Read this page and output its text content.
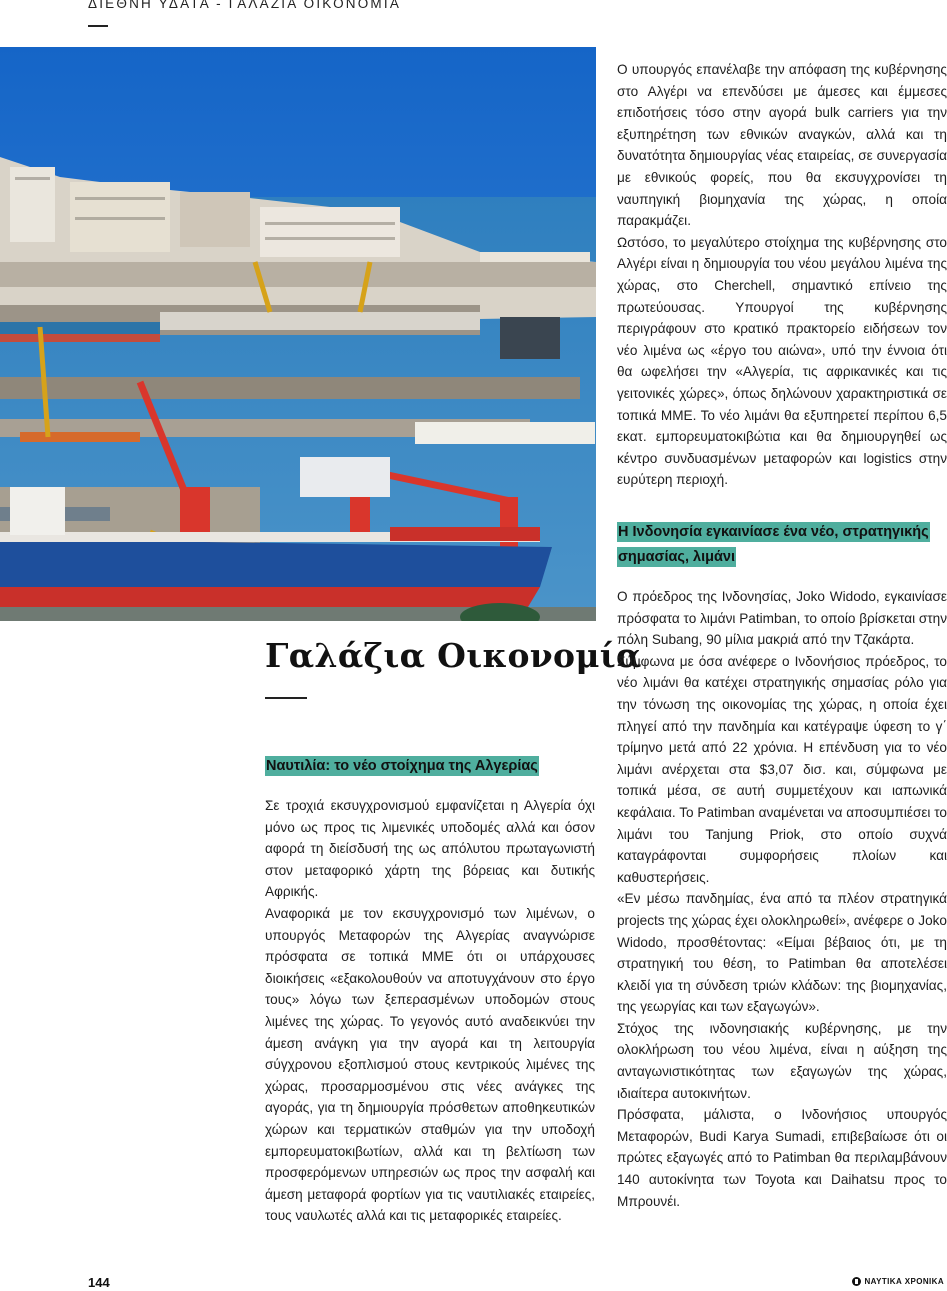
ΔΙΕΘΝΗ ΥΔΑΤΑ - ΓΑΛΑΖΙΑ ΟΙΚΟΝΟΜΙΑ
Γαλάζια Οικονομία
Ναυτιλία: το νέο στοίχημα της Αλγερίας

Σε τροχιά εκσυγχρονισμού εμφανίζεται η Αλγερία όχι μόνο ως προς τις λιμενικές υποδομές αλλά και όσον αφορά τη διείσδυσή της ως απόλυτου πρωταγωνιστή στον μεταφορικό χάρτη της βόρειας και δυτικής Αφρικής.

Αναφορικά με τον εκσυγχρονισμό των λιμένων, ο υπουργός Μεταφορών της Αλγερίας αναγνώρισε πρόσφατα σε τοπικά ΜΜΕ ότι οι υπάρχουσες διοικήσεις «εξακολουθούν να αποτυγχάνουν στο έργο τους» λόγω των ξεπερασμένων υποδομών στους λιμένες της χώρας. Το γεγονός αυτό αναδεικνύει την άμεση ανάγκη για την αγορά και τη λειτουργία σύγχρονου εξοπλισμού στους κεντρικούς λιμένες της χώρας, προσαρμοσμένου στις νέες ανάγκες της αγοράς, για τη δημιουργία πρόσθετων αποθηκευτικών χώρων και τερματικών σταθμών για την υποδοχή εμπορευματοκιβωτίων, αλλά και τη βελτίωση των προσφερόμενων υπηρεσιών ως προς την ασφαλή και άμεση μεταφορά φορτίων για τις ναυτιλιακές εταιρείες, τους ναυλωτές αλλά και τις μεταφορικές εταιρείες.

Ο υπουργός επανέλαβε την απόφαση της κυβέρνησης στο Αλγέρι να επενδύσει με άμεσες και έμμεσες επιδοτήσεις τόσο στην αγορά bulk carriers για την εξυπηρέτηση των εθνικών αναγκών, αλλά και τη δυνατότητα δημιουργίας νέας εταιρείας, σε συνεργασία με εθνικούς φορείς, που θα εκσυγχρονίσει τη ναυπηγική βιομηχανία της χώρας, η οποία παρακμάζει.

Ωστόσο, το μεγαλύτερο στοίχημα της κυβέρνησης στο Αλγέρι είναι η δημιουργία του νέου μεγάλου λιμένα της χώρας, στο Cherchell, σημαντικό επίνειο της πρωτεύουσας. Υπουργοί της κυβέρνησης περιγράφουν στο κρατικό πρακτορείο ειδήσεων τον νέο λιμένα ως «έργο του αιώνα», υπό την έννοια ότι θα ωφελήσει την «Αλγερία, τις αφρικανικές και τις γειτονικές χώρες», όπως δηλώνουν χαρακτηριστικά σε τοπικά ΜΜΕ. Το νέο λιμάνι θα εξυπηρετεί περίπου 6,5 εκατ. εμπορευματοκιβώτια και θα δημιουργηθεί ως κέντρο συνδυασμένων μεταφορών και logistics στην ευρύτερη περιοχή.

Η Ινδονησία εγκαινίασε ένα νέο, στρατηγικής σημασίας, λιμάνι

Ο πρόεδρος της Ινδονησίας, Joko Widodo, εγκαινίασε πρόσφατα το λιμάνι Patimban, το οποίο βρίσκεται στην πόλη Subang, 90 μίλια μακριά από την Τζακάρτα.

Σύμφωνα με όσα ανέφερε ο Ινδονήσιος πρόεδρος, το νέο λιμάνι θα κατέχει στρατηγικής σημασίας ρόλο για την τόνωση της οικονομίας της χώρας, η οποία έχει πληγεί από την πανδημία και κατέγραψε ύφεση το γ΄ τρίμηνο μετά από 22 χρόνια. Η επένδυση για το νέο λιμάνι ανέρχεται στα $3,07 δισ. και, σύμφωνα με τοπικά μέσα, σε αυτή συμμετέχουν και ιαπωνικά κεφάλαια. Το Patimban αναμένεται να αποσυμπιέσει το λιμάνι του Tanjung Priok, στο οποίο συχνά καταγράφονται συμφορήσεις πλοίων και καθυστερήσεις.

«Εν μέσω πανδημίας, ένα από τα πλέον στρατηγικά projects της χώρας έχει ολοκληρωθεί», ανέφερε ο Joko Widodo, προσθέτοντας: «Είμαι βέβαιος ότι, με τη στρατηγική του θέση, το Patimban θα αποτελέσει κλειδί για τη σύνδεση τριών κλάδων: της βιομηχανίας, της γεωργίας και των εξαγωγών».

Στόχος της ινδονησιακής κυβέρνησης, με την ολοκλήρωση του νέου λιμένα, είναι η αύξηση της ανταγωνιστικότητας των εξαγωγών της χώρας, ιδιαίτερα αυτοκινήτων.

Πρόσφατα, μάλιστα, ο Ινδονήσιος υπουργός Μεταφορών, Budi Karya Sumadi, επιβεβαίωσε ότι οι πρώτες εξαγωγές από το Patimban θα περιλαμβάνουν 140 αυτοκίνητα των Toyota και Daihatsu προς το Μπρουνέι.

144	ΝΑΥΤΙΚΑ ΧΡΟΝΙΚΑ
